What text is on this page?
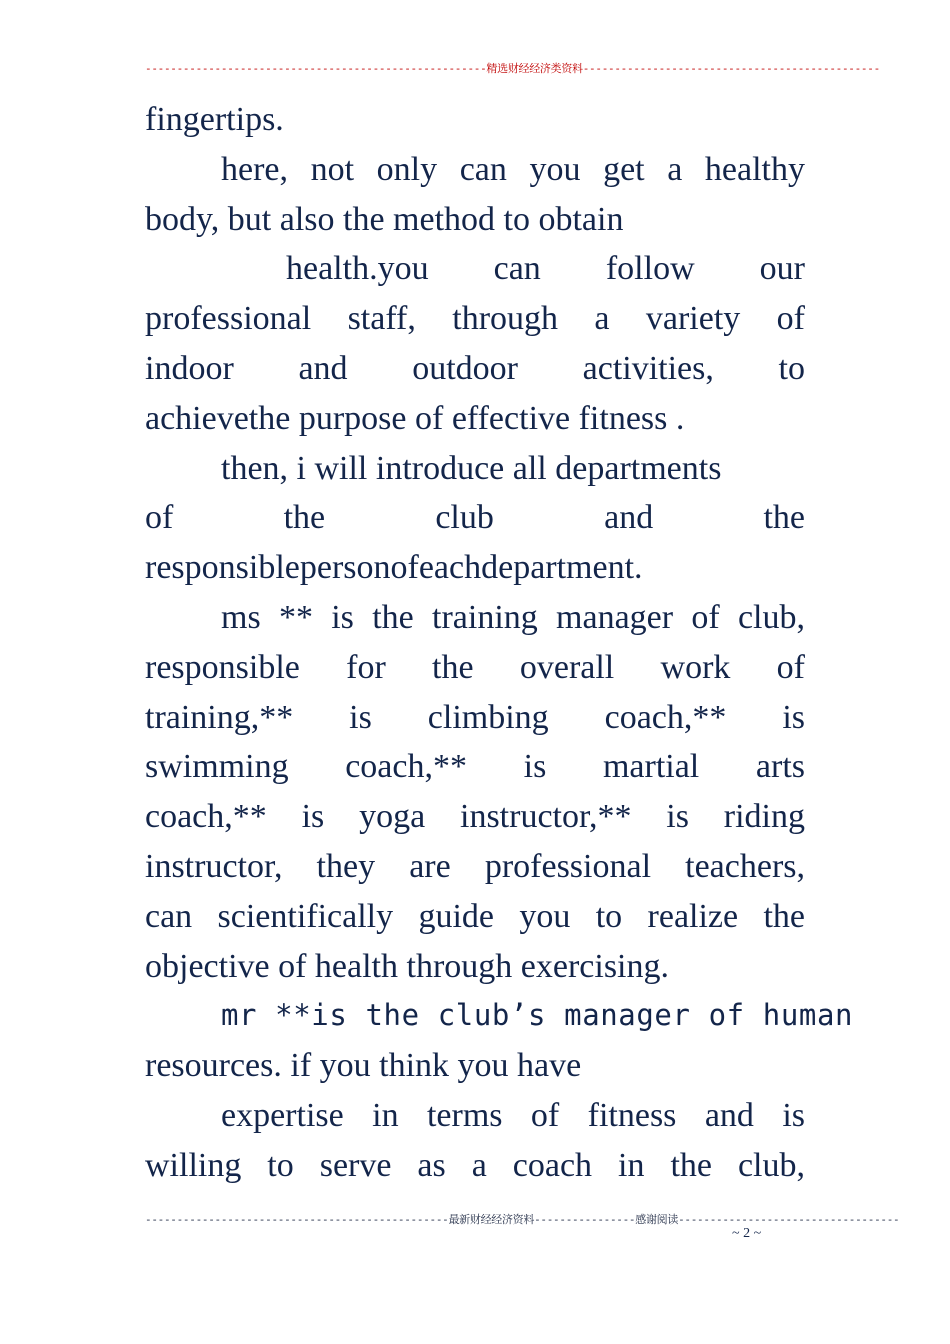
------------------------------------------------------精选财经经济类资料-----------------------------------------------
fingertips.
here, not only can you get a healthy
body, but also the method to obtain
health.you can follow our
professional staff, through a variety of
indoor and outdoor activities, to
achievethe purpose of effective fitness .
then, i will introduce all departments
of the club and the
responsiblepersonofeachdepartment.
ms ** is the training manager of club,
responsible for the overall work of
training,** is climbing coach,** is
swimming coach,** is martial arts
coach,** is yoga instructor,** is riding
instructor, they are professional teachers,
can scientifically guide you to realize the
objective of health through exercising.
mr **is the club’s manager of human
resources. if you think you have
expertise in terms of fitness and is
willing to serve as a coach in the club,
------------------------------------------------最新财经经济资料----------------感谢阅读-----------------------------------
~ 2 ~
